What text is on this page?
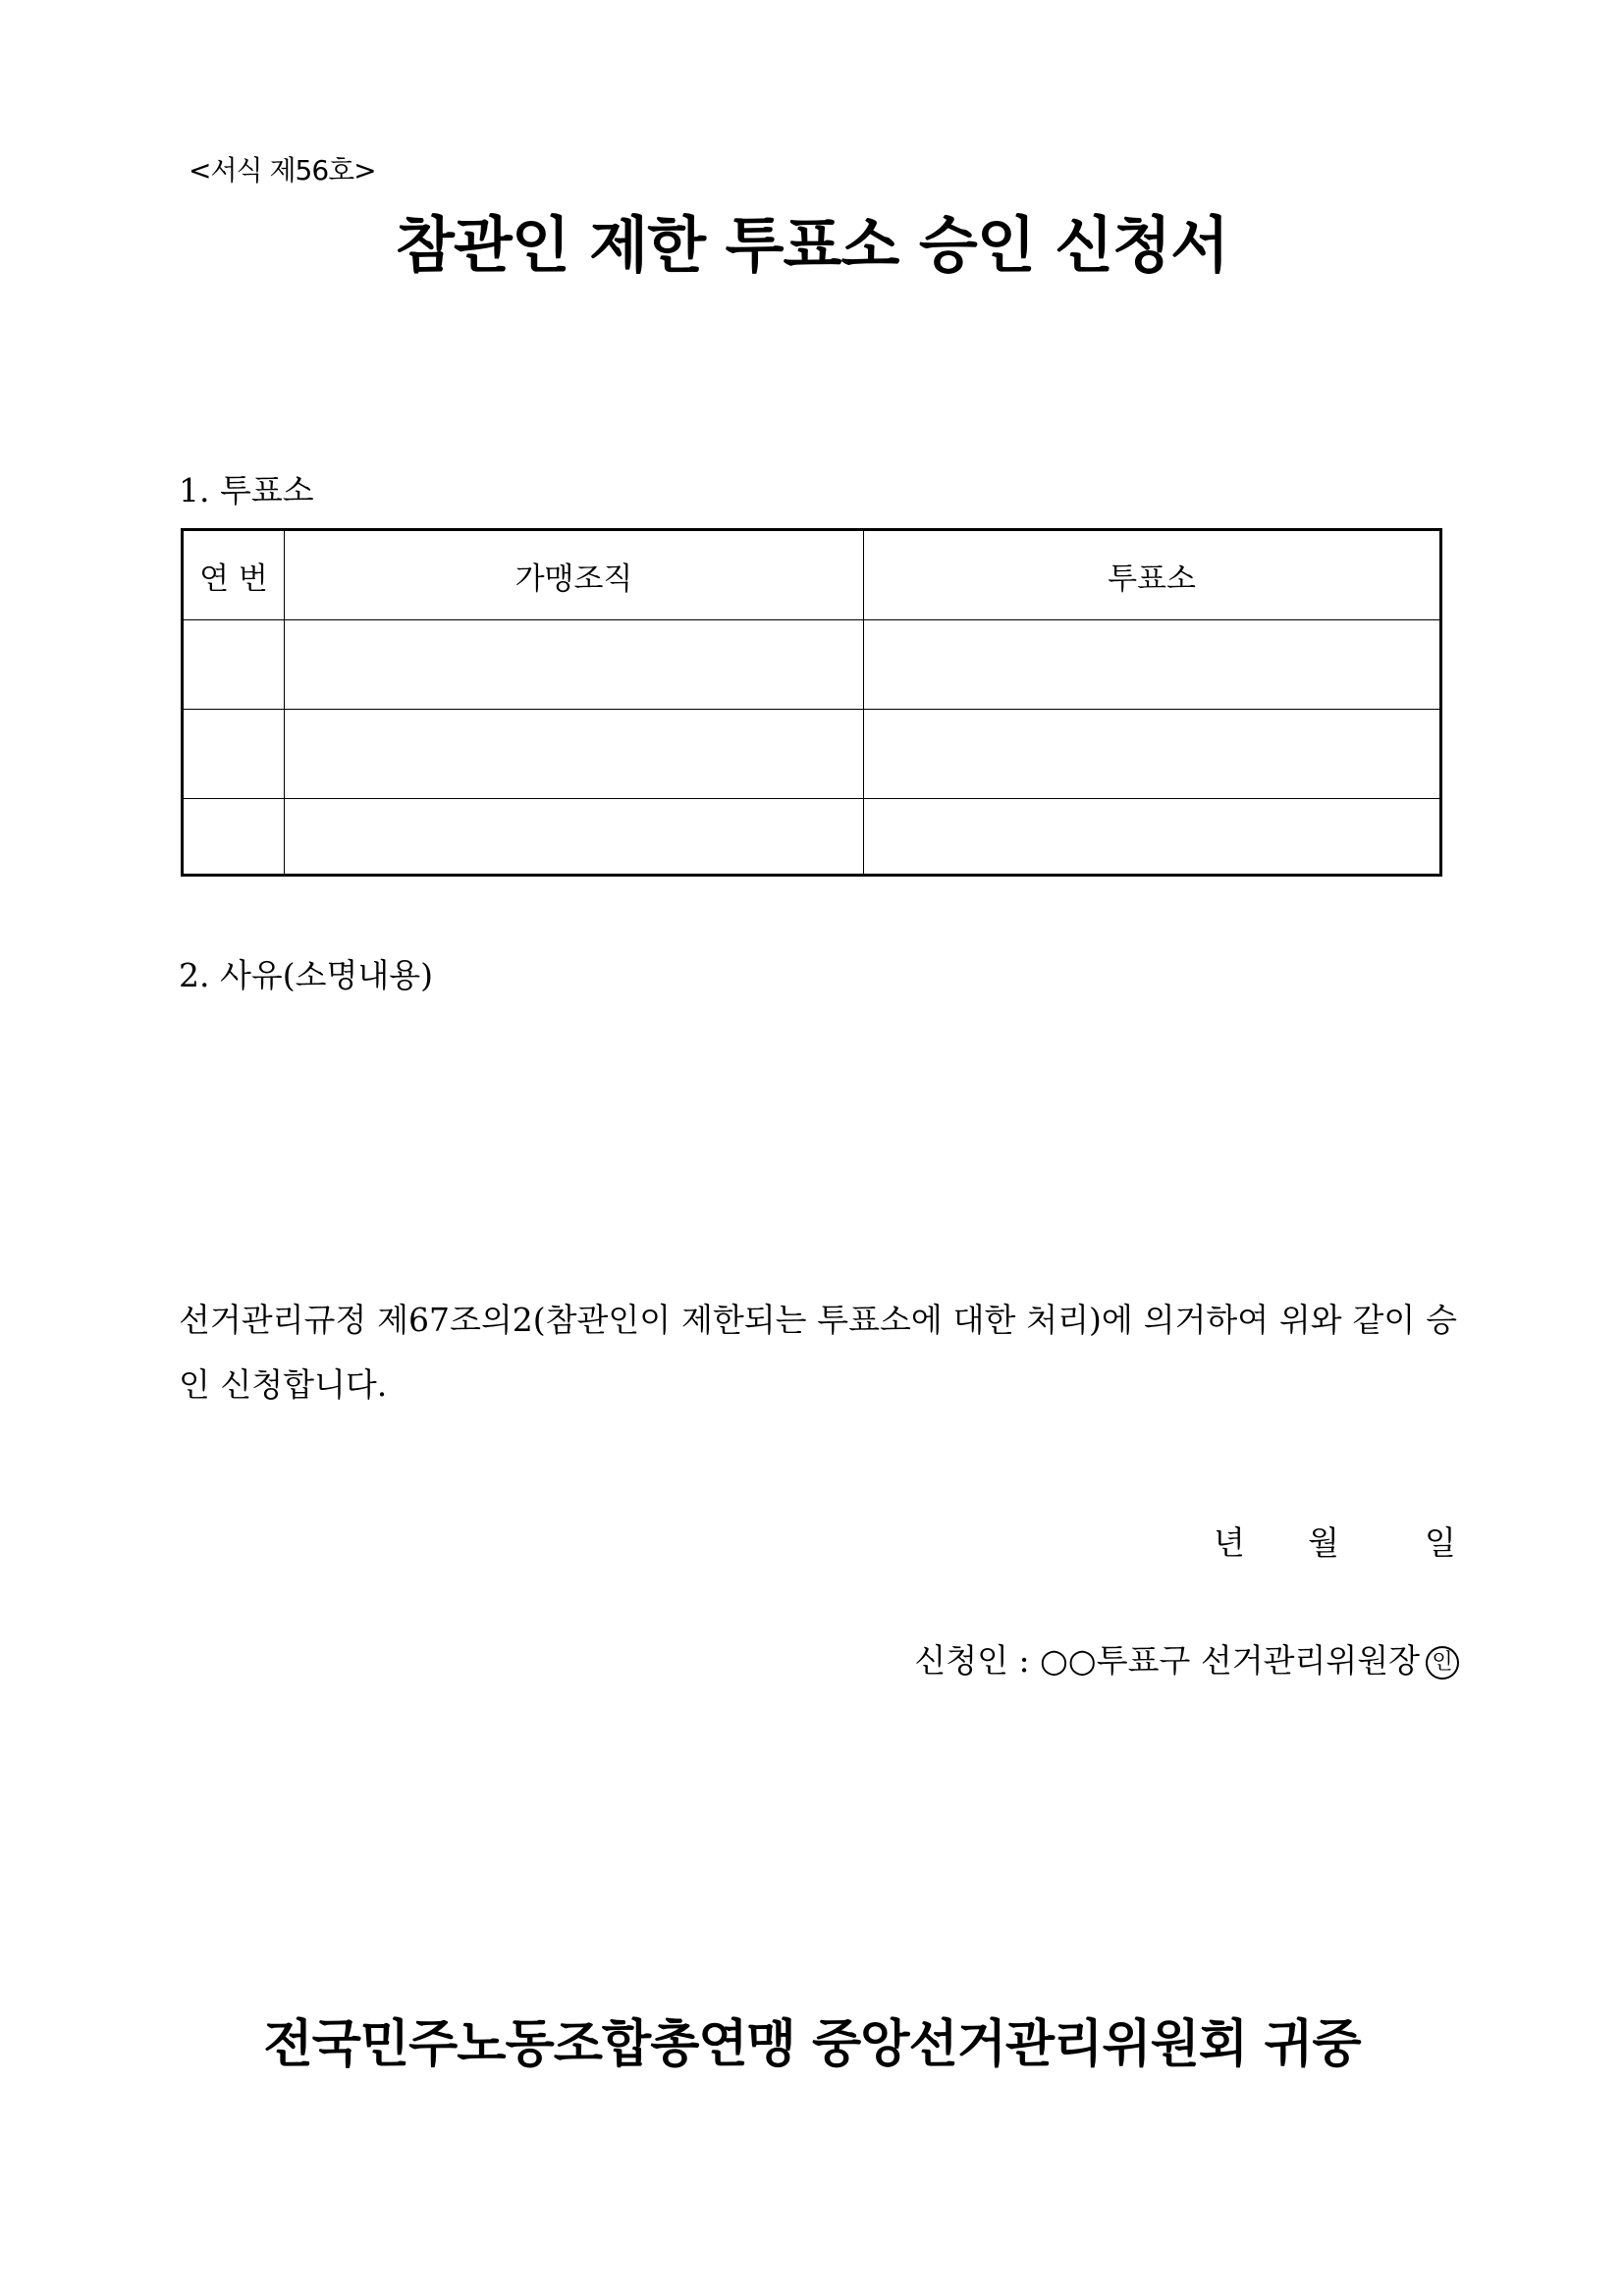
<서식 제56호>
참관인 제한 투표소 승인 신청서
1. 투표소
연 번	가맹조직	투표소

2. 사유(소명내용)
선거관리규정 제67조의2(참관인이 제한되는 투표소에 대한 처리)에 의거하여 위와 같이 승인 신청합니다.
년 월	일
신청인 : ○○투표구 선거관리위원장 인
전국민주노동조합총연맹 중앙선거관리위원회 귀중
